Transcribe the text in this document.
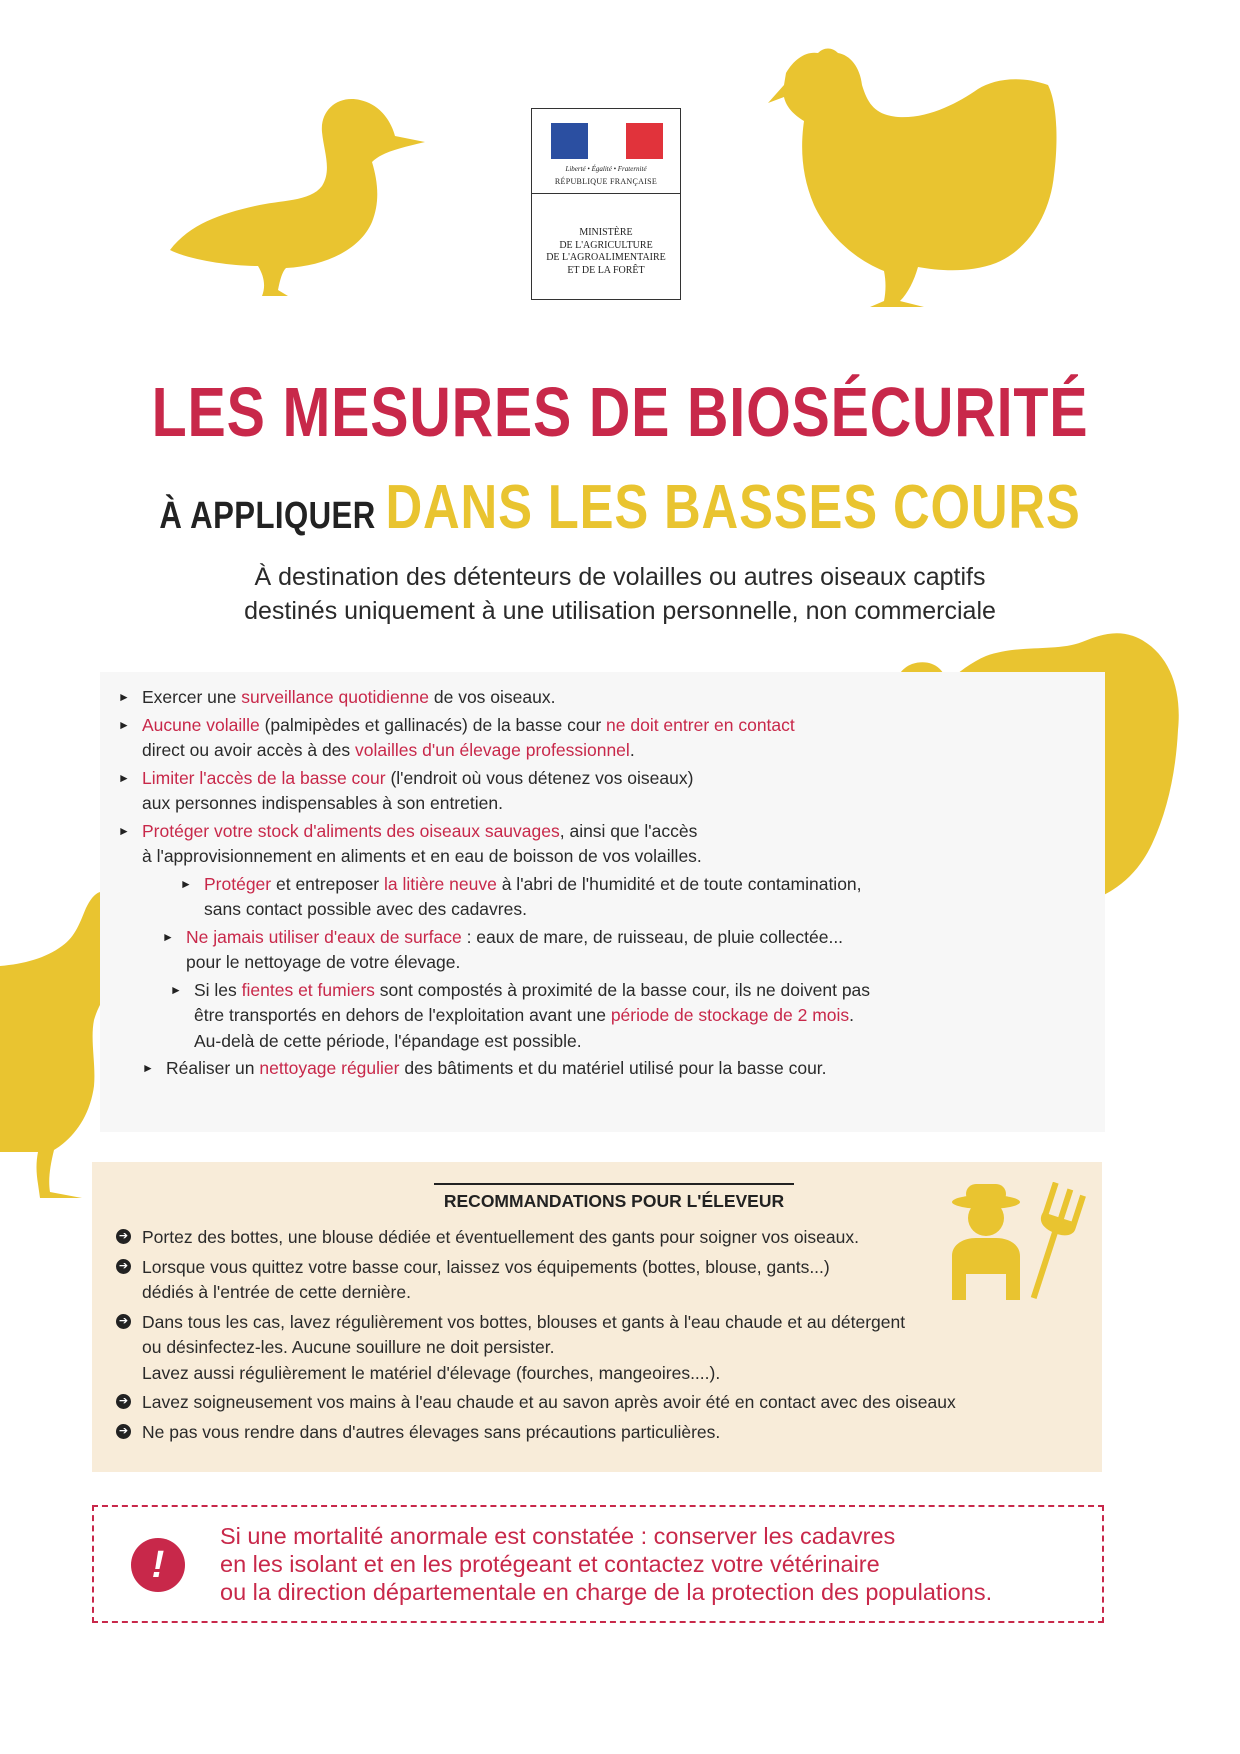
Liberté • Égalité • Fraternité
RÉPUBLIQUE FRANÇAISE
MINISTÈRE
DE L'AGRICULTURE
DE L'AGROALIMENTAIRE
ET DE LA FORÊT
LES MESURES DE BIOSÉCURITÉ
À APPLIQUER DANS LES BASSES COURS
À destination des détenteurs de volailles ou autres oiseaux captifs
destinés uniquement à une utilisation personnelle, non commerciale
► Exercer une surveillance quotidienne de vos oiseaux.
► Aucune volaille (palmipèdes et gallinacés) de la basse cour ne doit entrer en contact
direct ou avoir accès à des volailles d'un élevage professionnel.
► Limiter l'accès de la basse cour (l'endroit où vous détenez vos oiseaux)
aux personnes indispensables à son entretien.
► Protéger votre stock d'aliments des oiseaux sauvages, ainsi que l'accès
à l'approvisionnement en aliments et en eau de boisson de vos volailles.
► Protéger et entreposer la litière neuve à l'abri de l'humidité et de toute contamination,
sans contact possible avec des cadavres.
► Ne jamais utiliser d'eaux de surface : eaux de mare, de ruisseau, de pluie collectée...
pour le nettoyage de votre élevage.
► Si les fientes et fumiers sont compostés à proximité de la basse cour, ils ne doivent pas
être transportés en dehors de l'exploitation avant une période de stockage de 2 mois.
Au-delà de cette période, l'épandage est possible.
► Réaliser un nettoyage régulier des bâtiments et du matériel utilisé pour la basse cour.
RECOMMANDATIONS POUR L'ÉLEVEUR
➔ Portez des bottes, une blouse dédiée et éventuellement des gants pour soigner vos oiseaux.
➔ Lorsque vous quittez votre basse cour, laissez vos équipements (bottes, blouse, gants...)
dédiés à l'entrée de cette dernière.
➔ Dans tous les cas, lavez régulièrement vos bottes, blouses et gants à l'eau chaude et au détergent
ou désinfectez-les. Aucune souillure ne doit persister.
Lavez aussi régulièrement le matériel d'élevage (fourches, mangeoires....).
➔ Lavez soigneusement vos mains à l'eau chaude et au savon après avoir été en contact avec des oiseaux
➔ Ne pas vous rendre dans d'autres élevages sans précautions particulières.
!
Si une mortalité anormale est constatée : conserver les cadavres
en les isolant et en les protégeant et contactez votre vétérinaire
ou la direction départementale en charge de la protection des populations.
